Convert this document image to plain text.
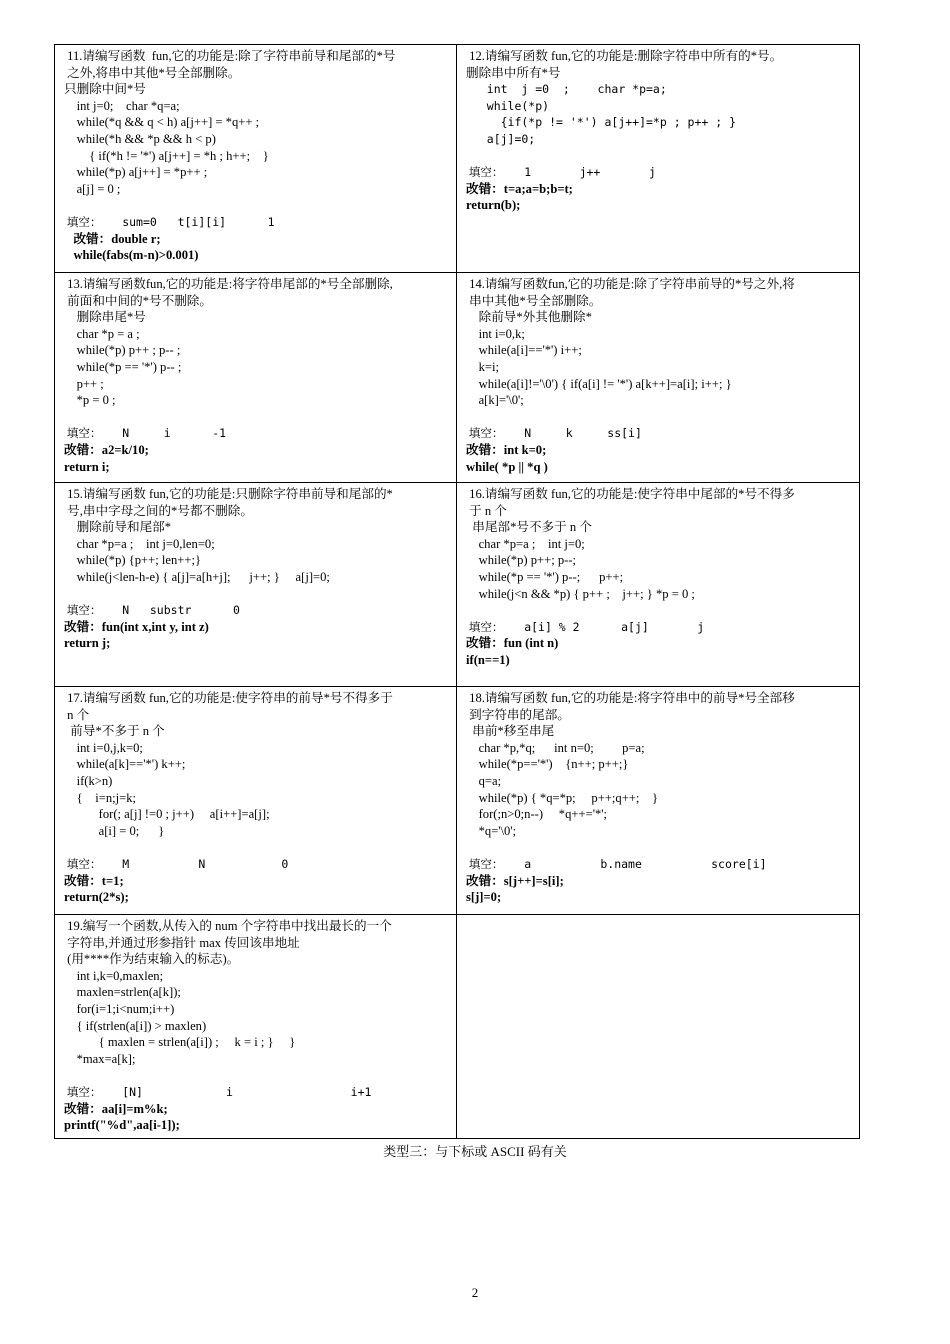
11.请编写函数  fun,它的功能是:除了字符串前导和尾部的*号
之外,将串中其他*号全部删除。
只删除中间*号
int j=0;    char *q=a;
while(*q && q < h) a[j++] = *q++ ;
while(*h && *p && h < p)
{ if(*h != '*') a[j++] = *h ; h++;    }
while(*p) a[j++] = *p++ ;
a[j] = 0 ;
填空：   sum=0   t[i][i]      1
改错：double r;
while(fabs(m-n)>0.001)
12.请编写函数 fun,它的功能是:删除字符串中所有的*号。
删除串中所有*号
int  j =0  ;    char *p=a;
while(*p)
{if(*p != '*') a[j++]=*p ; p++ ; }
a[j]=0;
填空：   1       j++       j
改错：t=a;a=b;b=t;
return(b);
13.请编写函数fun,它的功能是:将字符串尾部的*号全部删除,
前面和中间的*号不删除。
删除串尾*号
char *p = a ;
while(*p) p++ ; p-- ;
while(*p == '*') p-- ;
p++ ;
*p = 0 ;
填空：   N     i      -1
改错：a2=k/10;
return i;
14.请编写函数fun,它的功能是:除了字符串前导的*号之外,将
串中其他*号全部删除。
除前导*外其他删除*
int i=0,k;
while(a[i]=='*') i++;
k=i;
while(a[i]!='\0') { if(a[i] != '*') a[k++]=a[i]; i++; }
a[k]='\0';
填空：   N     k     ss[i]
改错：int k=0;
while( *p || *q )
15.请编写函数 fun,它的功能是:只删除字符串前导和尾部的*
号,串中字母之间的*号都不删除。
删除前导和尾部*
char *p=a ;    int j=0,len=0;
while(*p) {p++; len++;}
while(j<len-h-e) { a[j]=a[h+j];      j++; }     a[j]=0;
填空：   N   substr      0
改错：fun(int x,int y, int z)
return j;
16.请编写函数 fun,它的功能是:使字符串中尾部的*号不得多
于 n 个
串尾部*号不多于 n 个
char *p=a ;    int j=0;
while(*p) p++; p--;
while(*p == '*') p--;      p++;
while(j<n && *p) { p++ ;    j++; } *p = 0 ;
填空：   a[i] % 2      a[j]       j
改错：fun (int n)
if(n==1)
17.请编写函数 fun,它的功能是:使字符串的前导*号不得多于
n 个
前导*不多于 n 个
int i=0,j,k=0;
while(a[k]=='*') k++;
if(k>n)
{    i=n;j=k;
for(; a[j] !=0 ; j++)     a[i++]=a[j];
a[i] = 0;      }
填空：   M          N           0
改错：t=1;
return(2*s);
18.请编写函数 fun,它的功能是:将字符串中的前导*号全部移
到字符串的尾部。
串前*移至串尾
char *p,*q;      int n=0;         p=a;
while(*p=='*')    {n++; p++;}
q=a;
while(*p) { *q=*p;     p++;q++;    }
for(;n>0;n--)     *q++='*';
*q='\0';
填空：   a          b.name          score[i]
改错：s[j++]=s[i];
s[j]=0;
19.编写一个函数,从传入的 num 个字符串中找出最长的一个
字符串,并通过形参指针 max 传回该串地址
(用****作为结束输入的标志)。
int i,k=0,maxlen;
maxlen=strlen(a[k]);
for(i=1;i<num;i++)
{ if(strlen(a[i]) > maxlen)
{ maxlen = strlen(a[i]) ;     k = i ; }     }
*max=a[k];
填空：   [N]            i                 i+1
改错：aa[i]=m%k;
printf("%d",aa[i-1]);
类型三：与下标或 ASCII 码有关
2
